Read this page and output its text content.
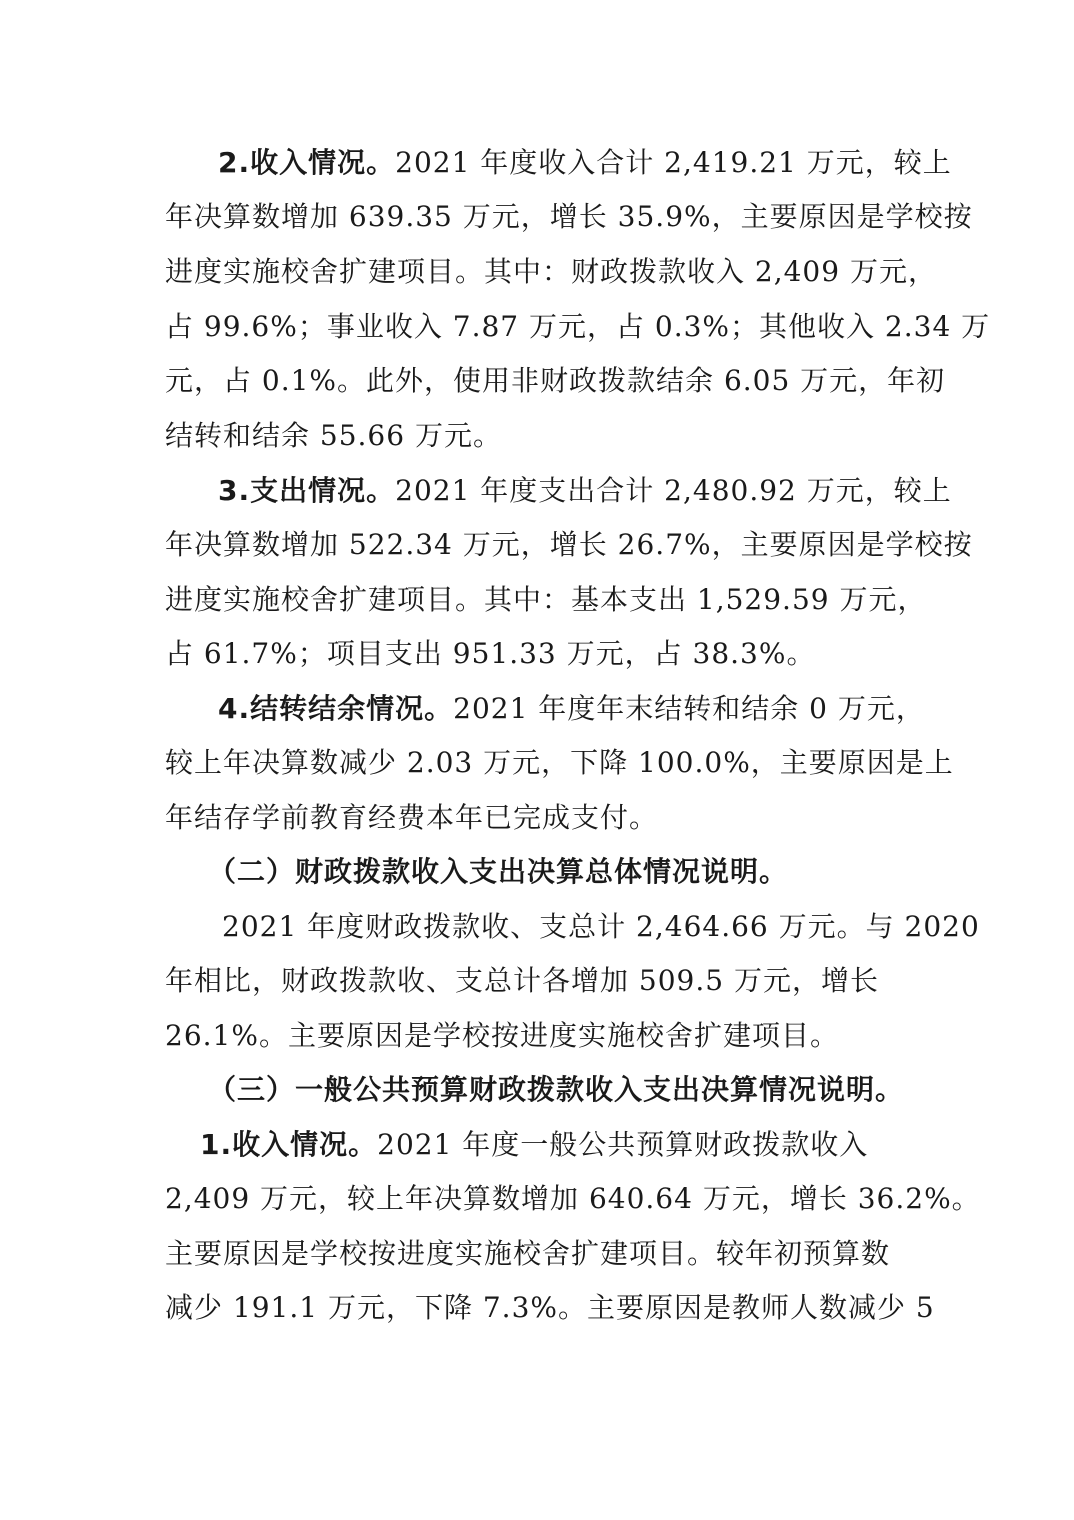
2.收入情况。2021 年度收入合计 2,419.21 万元，较上
年决算数增加 639.35 万元，增长 35.9%，主要原因是学校按
进度实施校舍扩建项目。其中：财政拨款收入 2,409 万元，
占 99.6%；事业收入 7.87 万元，占 0.3%；其他收入 2.34 万
元，占 0.1%。此外，使用非财政拨款结余 6.05 万元，年初
结转和结余 55.66 万元。
3.支出情况。2021 年度支出合计 2,480.92 万元，较上
年决算数增加 522.34 万元，增长 26.7%，主要原因是学校按
进度实施校舍扩建项目。其中：基本支出 1,529.59 万元，
占 61.7%；项目支出 951.33 万元，占 38.3%。
4.结转结余情况。2021 年度年末结转和结余 0 万元，
较上年决算数减少 2.03 万元，下降 100.0%，主要原因是上
年结存学前教育经费本年已完成支付。
（二）财政拨款收入支出决算总体情况说明。
2021 年度财政拨款收、支总计 2,464.66 万元。与 2020
年相比，财政拨款收、支总计各增加 509.5 万元，增长
26.1%。主要原因是学校按进度实施校舍扩建项目。
（三）一般公共预算财政拨款收入支出决算情况说明。
1.收入情况。2021 年度一般公共预算财政拨款收入
2,409 万元，较上年决算数增加 640.64 万元，增长 36.2%。
主要原因是学校按进度实施校舍扩建项目。较年初预算数
减少 191.1 万元，下降 7.3%。主要原因是教师人数减少 5
